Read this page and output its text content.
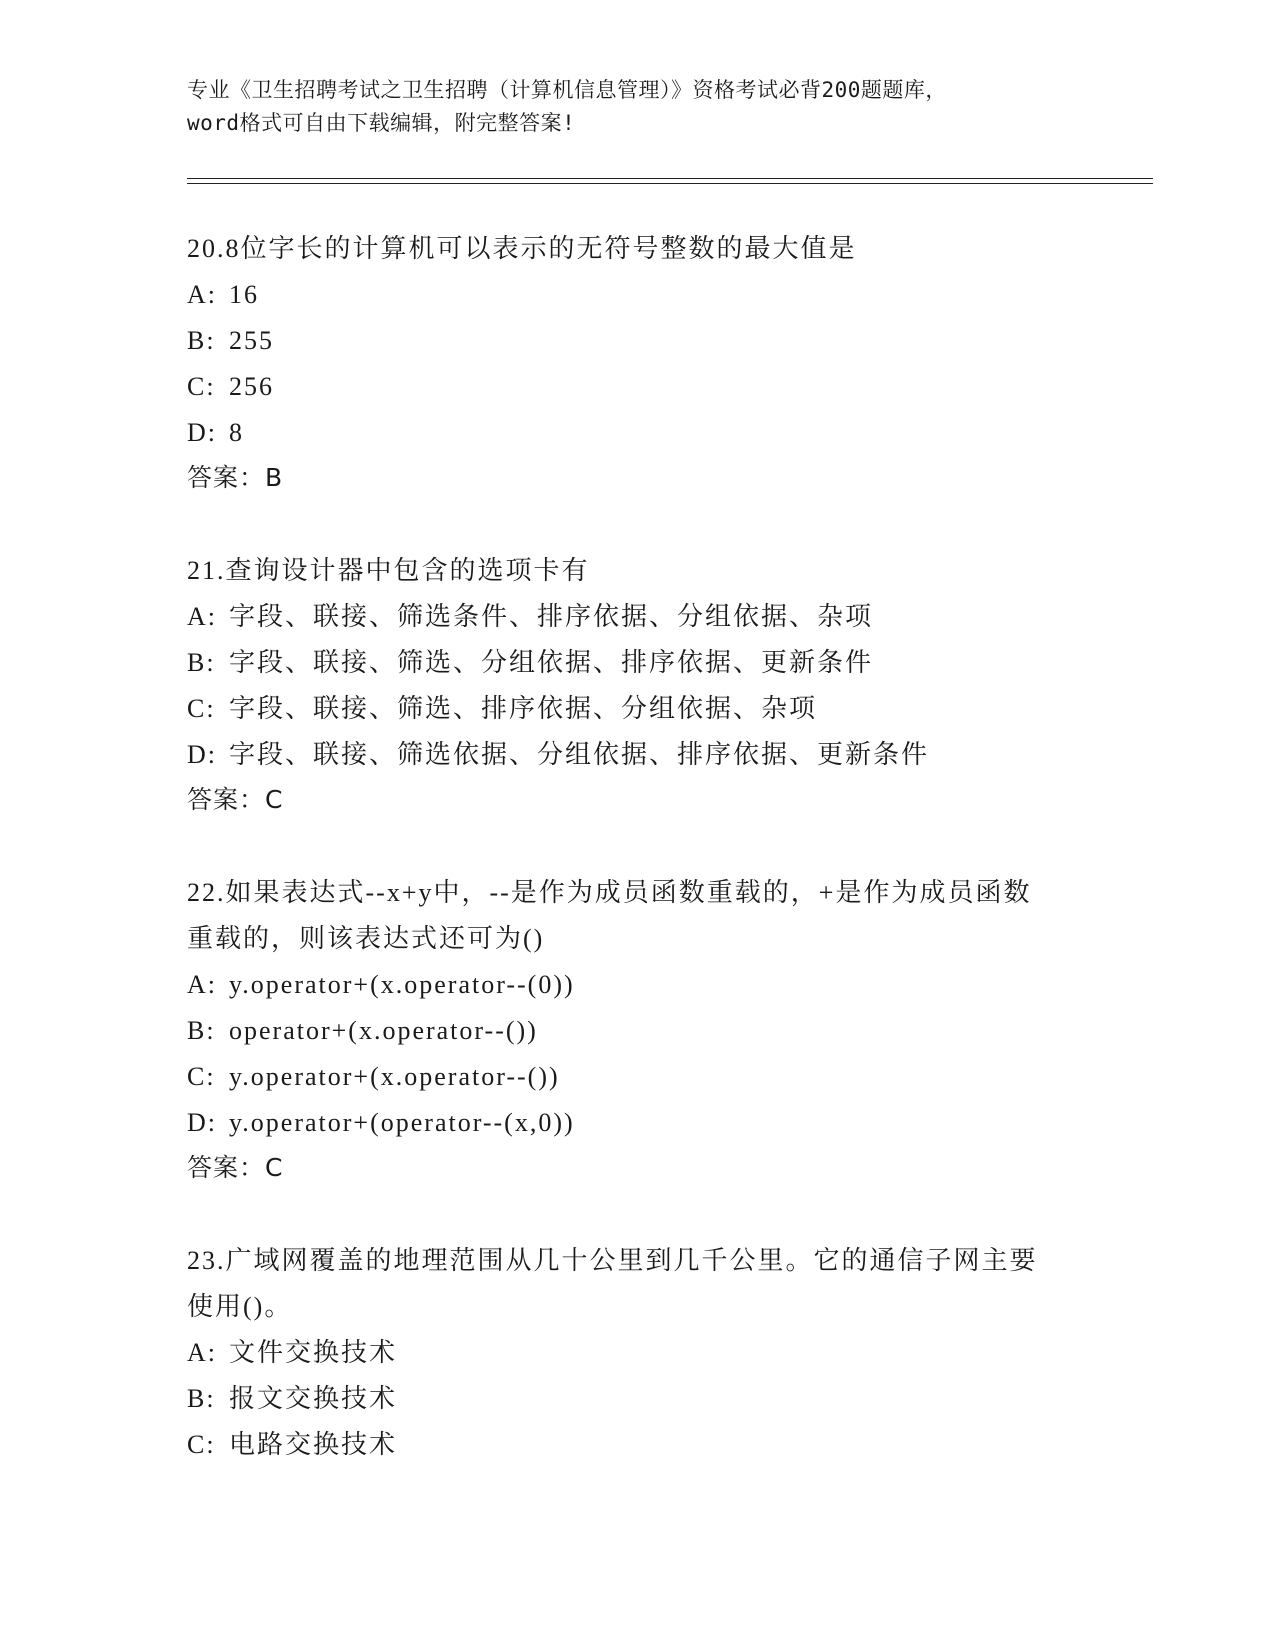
专业《卫生招聘考试之卫生招聘（计算机信息管理）》资格考试必背200题题库，
word格式可自由下载编辑，附完整答案!
20.8位字长的计算机可以表示的无符号整数的最大值是
A: 16
B: 255
C: 256
D: 8
答案：B
21.查询设计器中包含的选项卡有
A: 字段、联接、筛选条件、排序依据、分组依据、杂项
B: 字段、联接、筛选、分组依据、排序依据、更新条件
C: 字段、联接、筛选、排序依据、分组依据、杂项
D: 字段、联接、筛选依据、分组依据、排序依据、更新条件
答案：C
22.如果表达式--x+y中，--是作为成员函数重载的，+是作为成员函数
重载的，则该表达式还可为()
A: y.operator+(x.operator--(0))
B: operator+(x.operator--())
C: y.operator+(x.operator--())
D: y.operator+(operator--(x,0))
答案：C
23.广域网覆盖的地理范围从几十公里到几千公里。它的通信子网主要
使用()。
A: 文件交换技术
B: 报文交换技术
C: 电路交换技术
